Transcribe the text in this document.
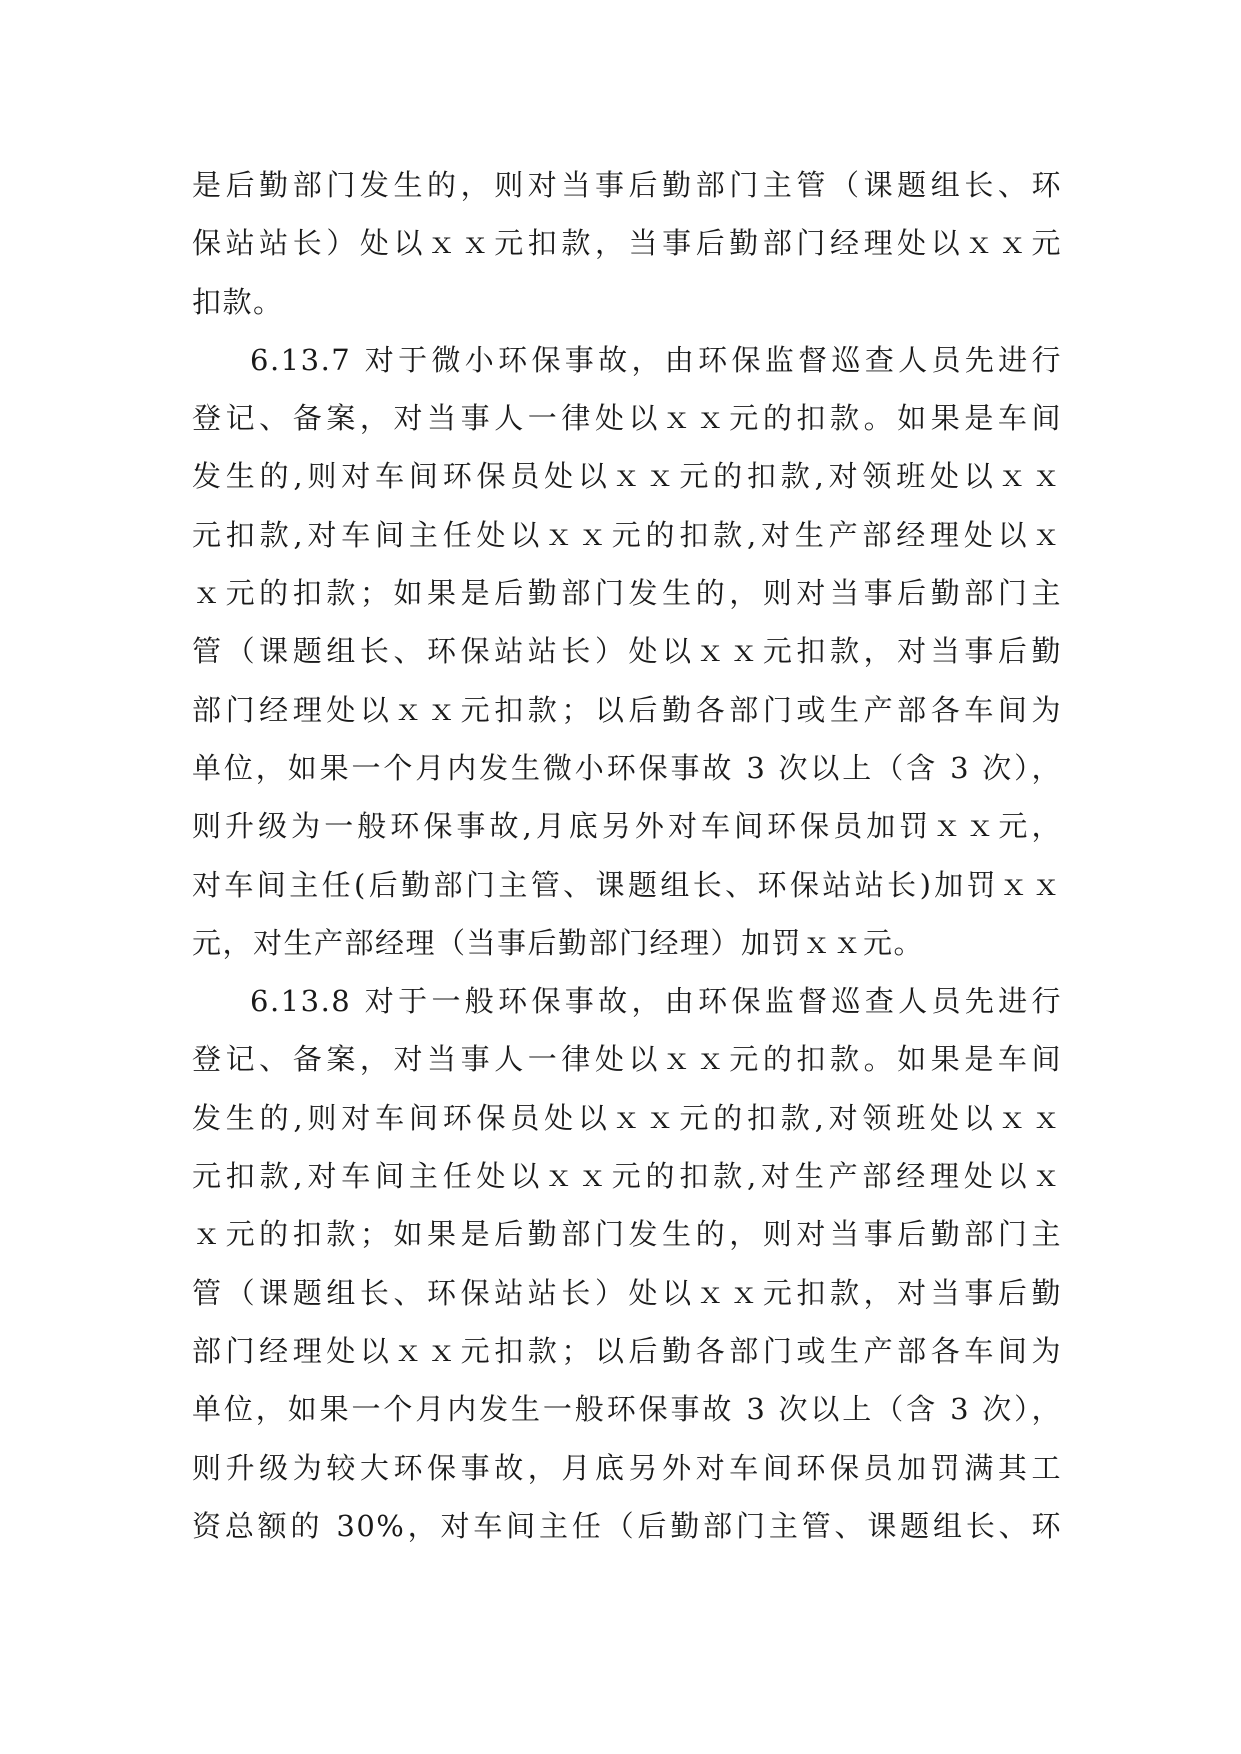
是后勤部门发生的，则对当事后勤部门主管（课题组长、环
保站站长）处以ｘｘ元扣款，当事后勤部门经理处以ｘｘ元
扣款。
6.13.7 对于微小环保事故，由环保监督巡查人员先进行
登记、备案，对当事人一律处以ｘｘ元的扣款。如果是车间
发生的,则对车间环保员处以ｘｘ元的扣款,对领班处以ｘｘ
元扣款,对车间主任处以ｘｘ元的扣款,对生产部经理处以ｘ
ｘ元的扣款；如果是后勤部门发生的，则对当事后勤部门主
管（课题组长、环保站站长）处以ｘｘ元扣款，对当事后勤
部门经理处以ｘｘ元扣款；以后勤各部门或生产部各车间为
单位，如果一个月内发生微小环保事故 3 次以上（含 3 次），
则升级为一般环保事故,月底另外对车间环保员加罚ｘｘ元，
对车间主任(后勤部门主管、课题组长、环保站站长)加罚ｘｘ
元，对生产部经理（当事后勤部门经理）加罚ｘｘ元。
6.13.8 对于一般环保事故，由环保监督巡查人员先进行
登记、备案，对当事人一律处以ｘｘ元的扣款。如果是车间
发生的,则对车间环保员处以ｘｘ元的扣款,对领班处以ｘｘ
元扣款,对车间主任处以ｘｘ元的扣款,对生产部经理处以ｘ
ｘ元的扣款；如果是后勤部门发生的，则对当事后勤部门主
管（课题组长、环保站站长）处以ｘｘ元扣款，对当事后勤
部门经理处以ｘｘ元扣款；以后勤各部门或生产部各车间为
单位，如果一个月内发生一般环保事故 3 次以上（含 3 次），
则升级为较大环保事故，月底另外对车间环保员加罚满其工
资总额的 30%，对车间主任（后勤部门主管、课题组长、环
